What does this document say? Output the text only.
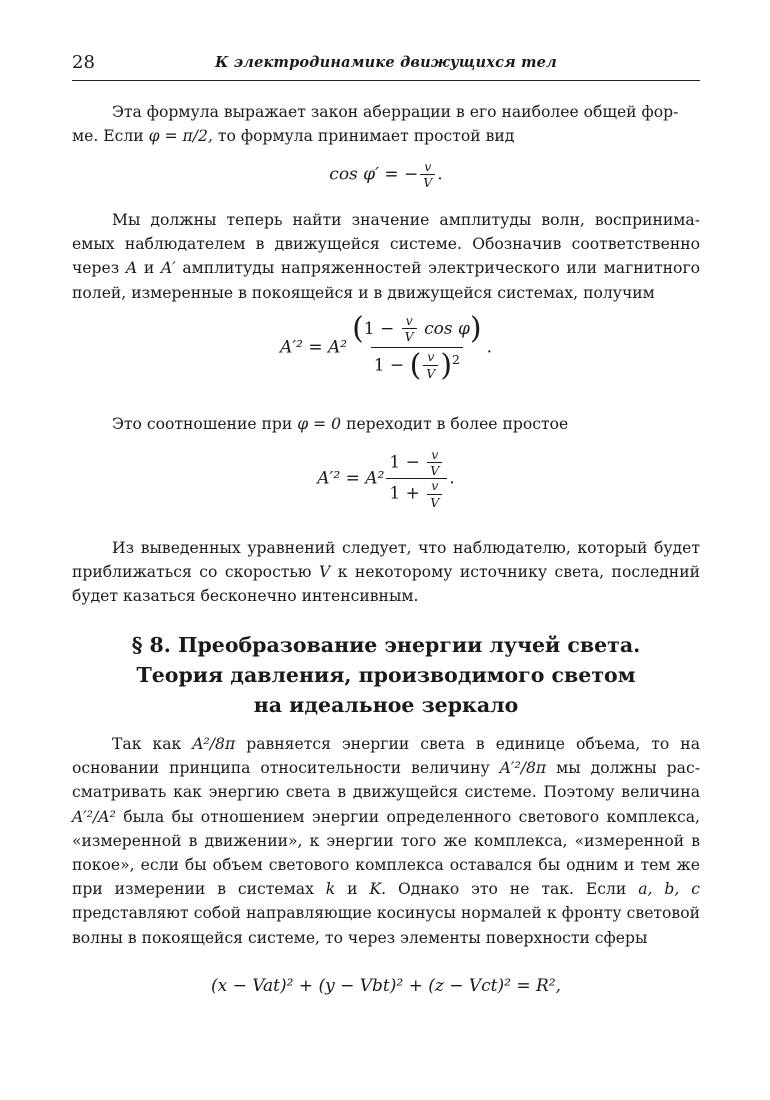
28	К электродинамике движущихся тел

Эта формула выражает закон аберрации в его наиболее общей фор-
ме. Если φ = π/2, то формула принимает простой вид

cos φ′ = − $\frac{v}{V}$ .

Мы должны теперь найти значение амплитуды волн, воспринимаемых наблюдателем в движущейся системе. Обозначив соответственно через A и A′ амплитуды напряженностей электрического или магнитного полей, измеренные в покоящейся и в движущейся системах, получим

$A'^2 = A^2 \frac{(1 - \frac{v}{V} \cos \varphi)}{1 - ( \frac{v}{V} )^2}$ .

Это соотношение при φ = 0 переходит в более простое

$A'^2 = A^2 \frac{1 - \frac{v}{V}}{1 + \frac{v}{V}}$ .

Из выведенных уравнений следует, что наблюдателю, который будет приближаться со скоростью V к некоторому источнику света, последний будет казаться бесконечно интенсивным.

§ 8. Преобразование энергии лучей света.
Теория давления, производимого светом
на идеальное зеркало

Так как A²/8π равняется энергии света в единице объема, то на основании принципа относительности величину A′²/8π мы должны рассматривать как энергию света в движущейся системе. Поэтому величина A′²/A² была бы отношением энергии определенного светового комплекса, «измеренной в движении», к энергии того же комплекса, «измеренной в покое», если бы объем светового комплекса оставался бы одним и тем же при измерении в системах k и K. Однако это не так. Если a, b, c представляют собой направляющие косинусы нормалей к фронту световой волны в покоящейся системе, то через элементы поверхности сферы

(x − Vat)² + (y − Vbt)² + (z − Vct)² = R²,
